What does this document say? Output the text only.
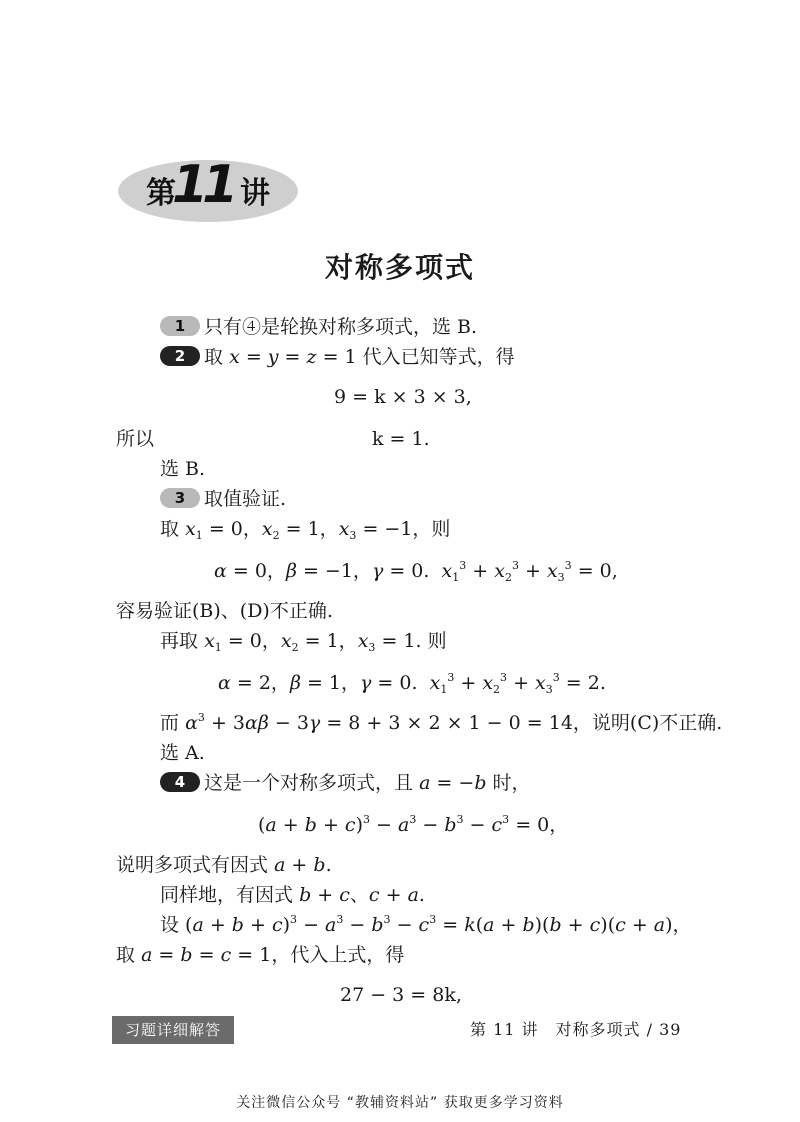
第
11 讲
对称多项式
1 只有④是轮换对称多项式，选 B.
2 取 x = y = z = 1 代入已知等式，得
9 = k × 3 × 3,
所以	k = 1.
选 B.
3 取值验证.
取 $x_1 = 0$，$x_2 = 1$，$x_3 = -1$，则
α = 0，β = −1，γ = 0.  $x_1^3 + x_2^3 + x_3^3 = 0$,
容易验证(B)、(D)不正确.
再取 $x_1 = 0$，$x_2 = 1$，$x_3 = 1$. 则
α = 2，β = 1，γ = 0.  $x_1^3 + x_2^3 + x_3^3 = 2$.
而 $\alpha^3 + 3\alpha\beta - 3\gamma = 8 + 3 \times 2 \times 1 - 0 = 14$，说明(C)不正确.
选 A.
4 这是一个对称多项式，且 a = −b 时，
$(a + b + c)^3 - a^3 - b^3 - c^3 = 0$，
说明多项式有因式 a + b.
同样地，有因式 b + c、c + a.
设 $(a + b + c)^3 - a^3 - b^3 - c^3 = k(a + b)(b + c)(c + a)$，
取 a = b = c = 1，代入上式，得
27 − 3 = 8k,
习题详细解答	第 11 讲　对称多项式 / 39
关注微信公众号 “教辅资料站” 获取更多学习资料
